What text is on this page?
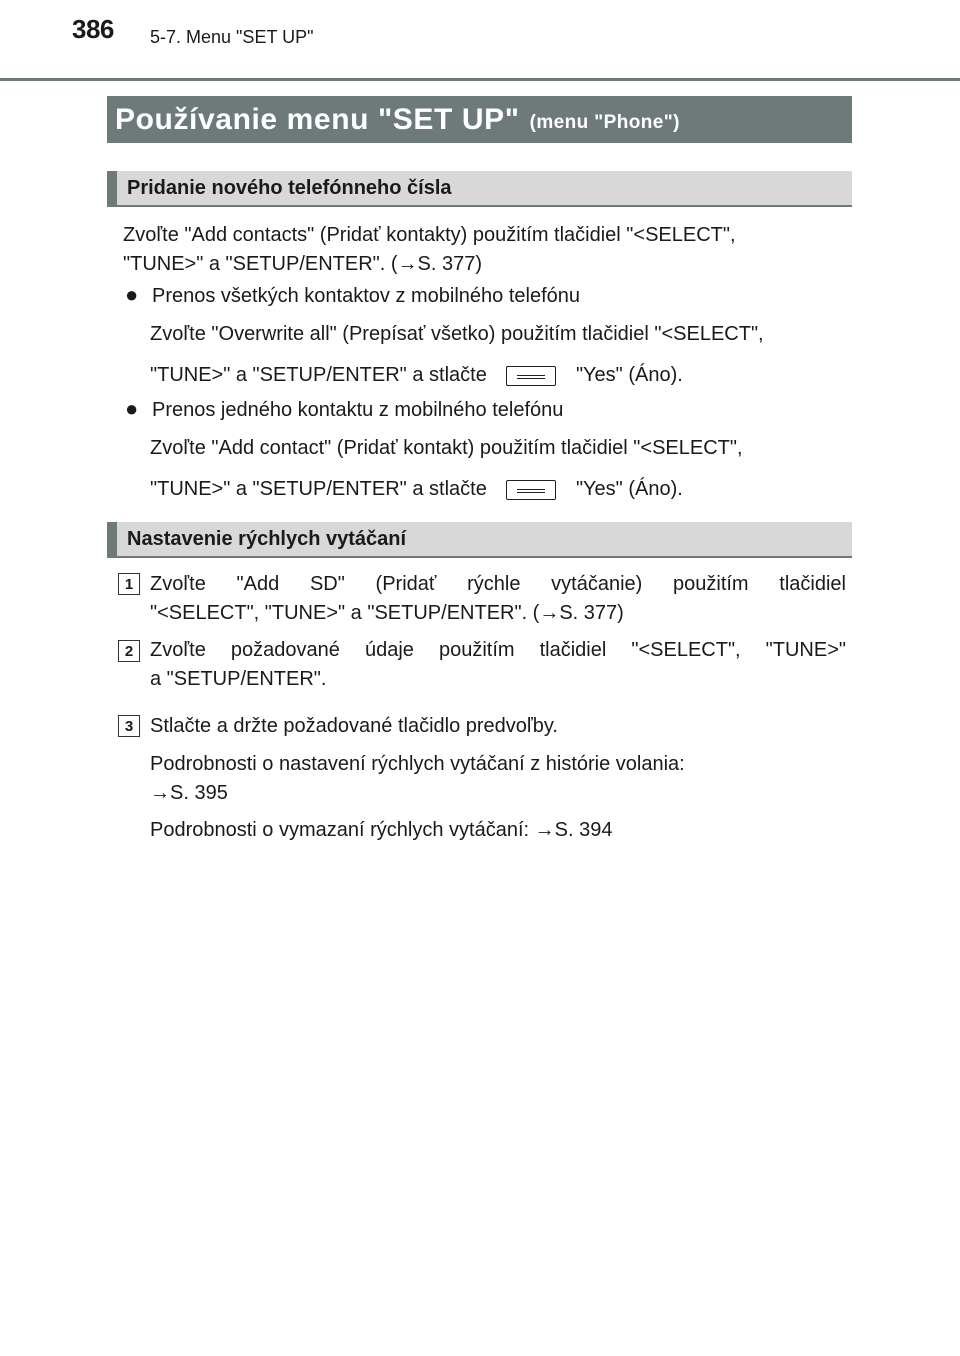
386 5-7. Menu "SET UP"
Používanie menu "SET UP" (menu "Phone")
Pridanie nového telefónneho čísla
Zvoľte "Add contacts" (Pridať kontakty) použitím tlačidiel "<SELECT",
"TUNE>" a "SETUP/ENTER". (→S. 377)
● Prenos všetkých kontaktov z mobilného telefónu
Zvoľte "Overwrite all" (Prepísať všetko) použitím tlačidiel "<SELECT",
"TUNE>" a "SETUP/ENTER" a stlačte	"Yes" (Áno).
● Prenos jedného kontaktu z mobilného telefónu
Zvoľte "Add contact" (Pridať kontakt) použitím tlačidiel "<SELECT",
"TUNE>" a "SETUP/ENTER" a stlačte	"Yes" (Áno).
Nastavenie rýchlych vytáčaní
1 Zvoľte "Add SD" (Pridať rýchle vytáčanie) použitím tlačidiel
"<SELECT", "TUNE>" a "SETUP/ENTER". (→S. 377)
2 Zvoľte požadované údaje použitím tlačidiel "<SELECT", "TUNE>"
a "SETUP/ENTER".
3 Stlačte a držte požadované tlačidlo predvoľby.
Podrobnosti o nastavení rýchlych vytáčaní z histórie volania:
→S. 395
Podrobnosti o vymazaní rýchlych vytáčaní: →S. 394
